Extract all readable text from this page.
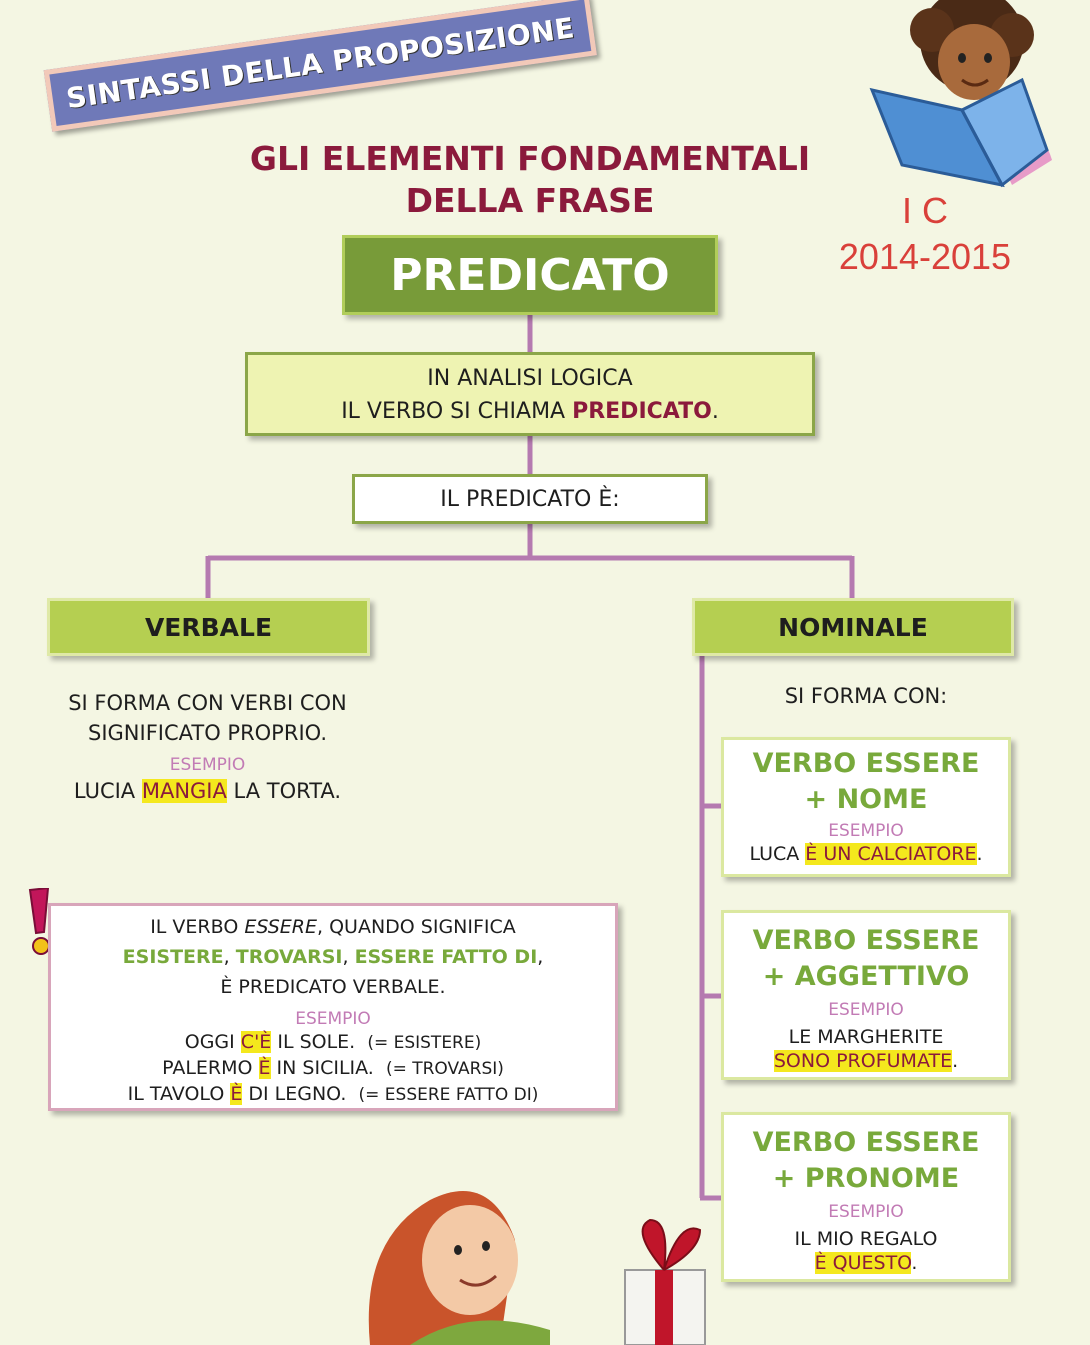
SINTASSI DELLA PROPOSIZIONE
GLI ELEMENTI FONDAMENTALI
DELLA FRASE	I C
2014-2015
PREDICATO
IN ANALISI LOGICA
IL VERBO SI CHIAMA PREDICATO.
IL PREDICATO È:
VERBALE
SI FORMA CON VERBI CON
SIGNIFICATO PROPRIO.
ESEMPIO
LUCIA MANGIA LA TORTA.
NOMINALE
SI FORMA CON:
VERBO ESSERE
+ NOME
ESEMPIO
LUCA È UN CALCIATORE.
VERBO ESSERE
+ AGGETTIVO
ESEMPIO
LE MARGHERITE
SONO PROFUMATE.
VERBO ESSERE
+ PRONOME
ESEMPIO
IL MIO REGALO
È QUESTO.
IL VERBO ESSERE, QUANDO SIGNIFICA
ESISTERE, TROVARSI, ESSERE FATTO DI,
È PREDICATO VERBALE.
ESEMPIO
OGGI C'È IL SOLE. (= ESISTERE)
PALERMO È IN SICILIA. (= TROVARSI)
IL TAVOLO È DI LEGNO. (= ESSERE FATTO DI)
